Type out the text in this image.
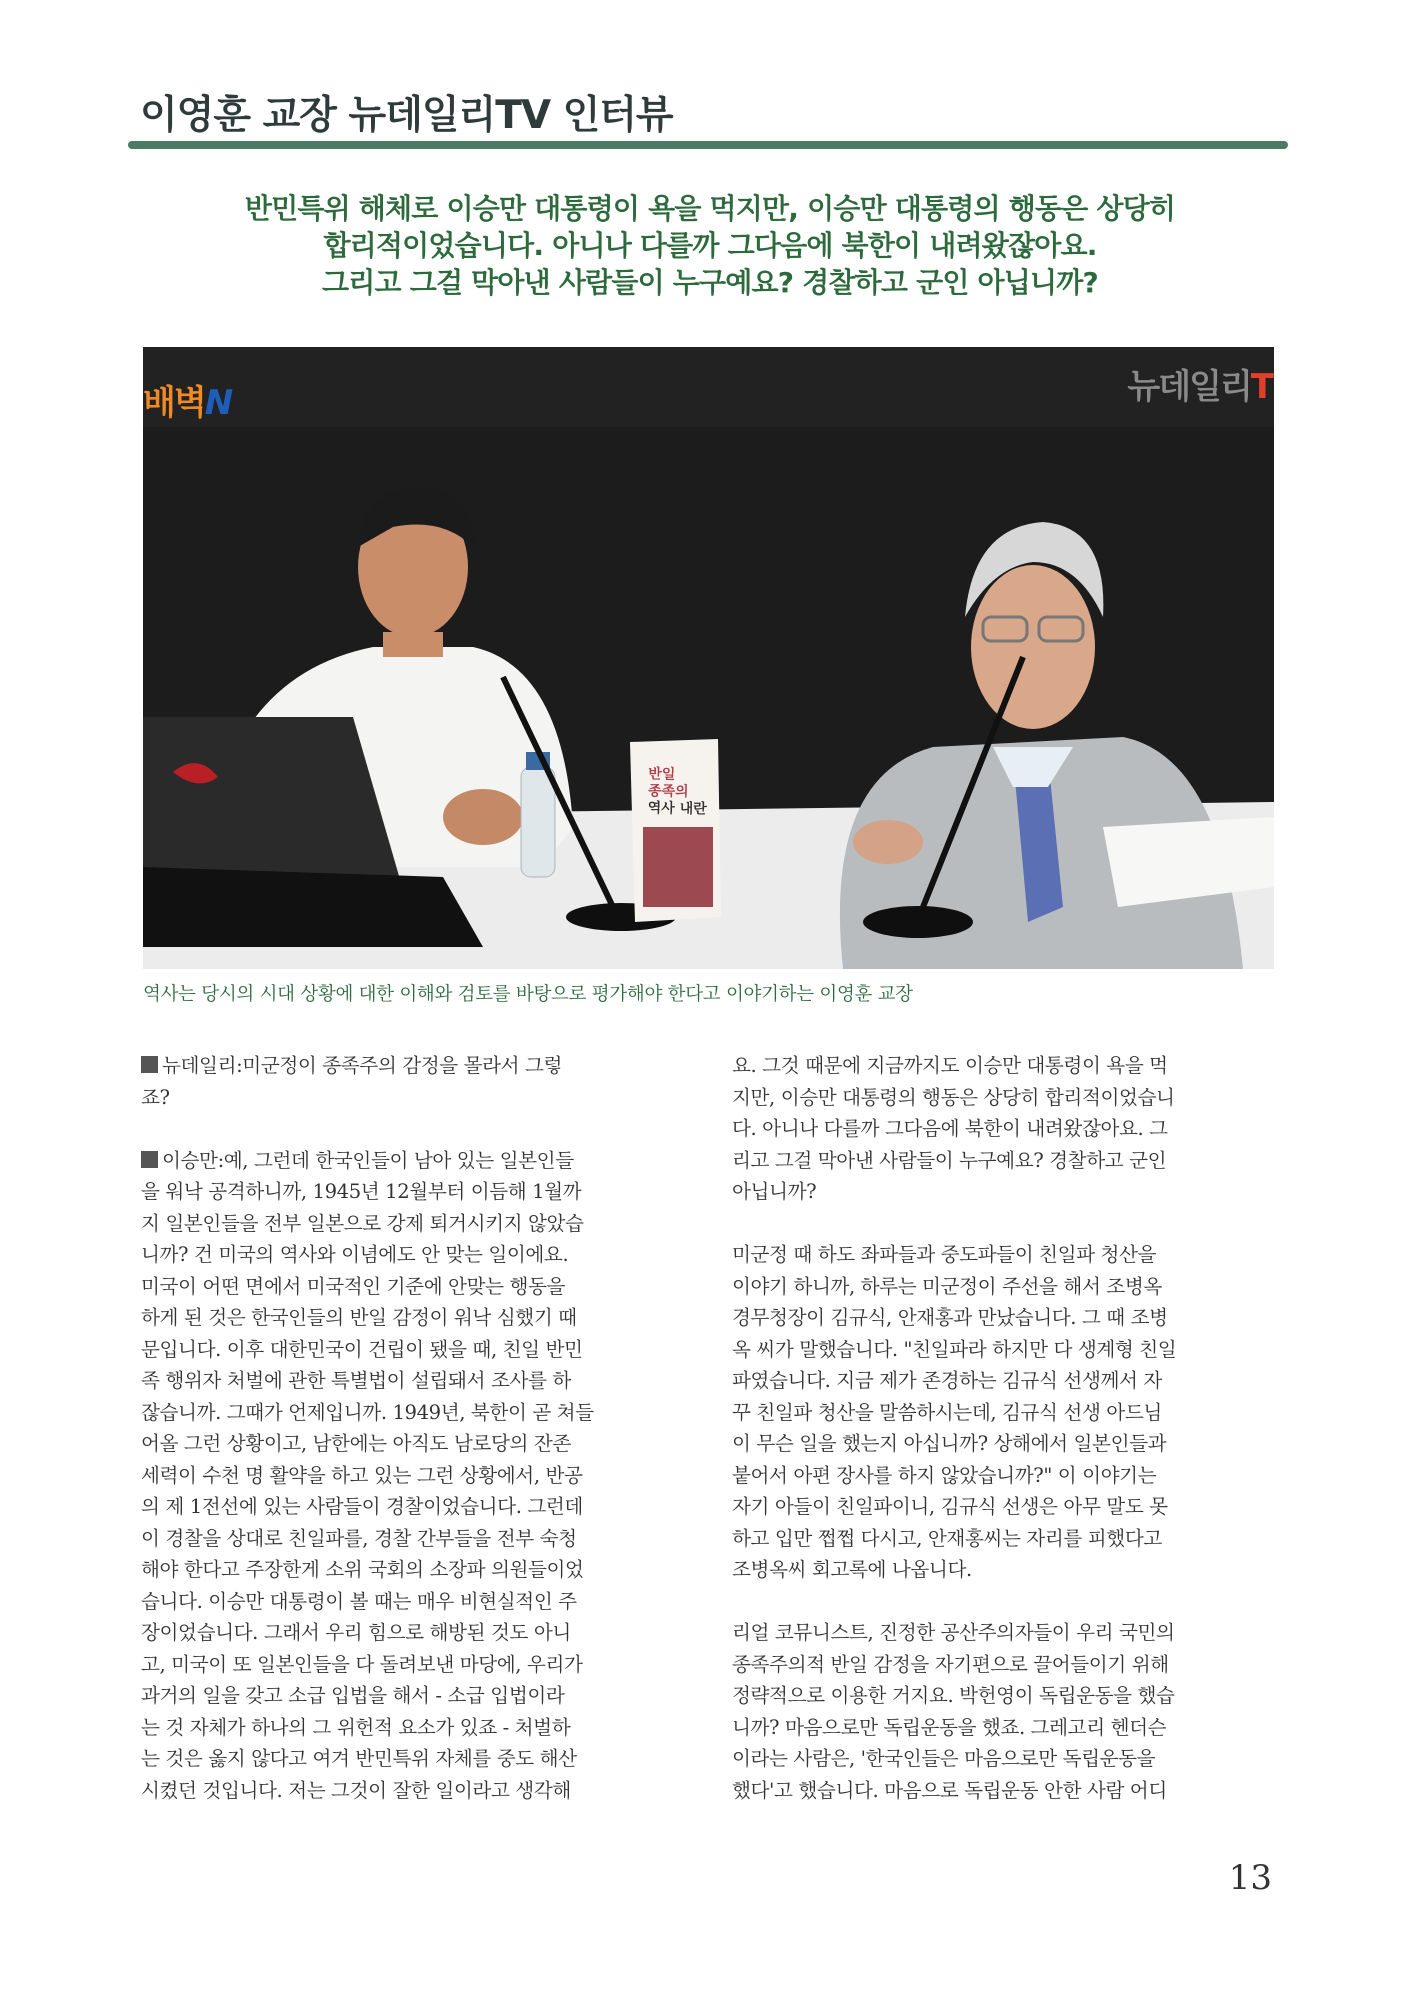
이영훈 교장 뉴데일리TV 인터뷰
반민특위 해체로 이승만 대통령이 욕을 먹지만, 이승만 대통령의 행동은 상당히
합리적이었습니다. 아니나 다를까 그다음에 북한이 내려왔잖아요.
그리고 그걸 막아낸 사람들이 누구예요? 경찰하고 군인 아닙니까?
배벽N	뉴데일리T
반일
종족의
역사 내란
역사는 당시의 시대 상황에 대한 이해와 검토를 바탕으로 평가해야 한다고 이야기하는 이영훈 교장
뉴데일리:미군정이 종족주의 감정을 몰라서 그렇
죠?
이승만:예, 그런데 한국인들이 남아 있는 일본인들
을 워낙 공격하니까, 1945년 12월부터 이듬해 1월까
지 일본인들을 전부 일본으로 강제 퇴거시키지 않았습
니까? 건 미국의 역사와 이념에도 안 맞는 일이에요.
미국이 어떤 면에서 미국적인 기준에 안맞는 행동을
하게 된 것은 한국인들의 반일 감정이 워낙 심했기 때
문입니다. 이후 대한민국이 건립이 됐을 때, 친일 반민
족 행위자 처벌에 관한 특별법이 설립돼서 조사를 하
잖습니까. 그때가 언제입니까. 1949년, 북한이 곧 쳐들
어올 그런 상황이고, 남한에는 아직도 남로당의 잔존
세력이 수천 명 활약을 하고 있는 그런 상황에서, 반공
의 제 1전선에 있는 사람들이 경찰이었습니다. 그런데
이 경찰을 상대로 친일파를, 경찰 간부들을 전부 숙청
해야 한다고 주장한게 소위 국회의 소장파 의원들이었
습니다. 이승만 대통령이 볼 때는 매우 비현실적인 주
장이었습니다. 그래서 우리 힘으로 해방된 것도 아니
고, 미국이 또 일본인들을 다 돌려보낸 마당에, 우리가
과거의 일을 갖고 소급 입법을 해서 - 소급 입법이라
는 것 자체가 하나의 그 위헌적 요소가 있죠 - 처벌하
는 것은 옳지 않다고 여겨 반민특위 자체를 중도 해산
시켰던 것입니다. 저는 그것이 잘한 일이라고 생각해
요. 그것 때문에 지금까지도 이승만 대통령이 욕을 먹
지만, 이승만 대통령의 행동은 상당히 합리적이었습니
다. 아니나 다를까 그다음에 북한이 내려왔잖아요. 그
리고 그걸 막아낸 사람들이 누구예요? 경찰하고 군인
아닙니까?
미군정 때 하도 좌파들과 중도파들이 친일파 청산을
이야기 하니까, 하루는 미군정이 주선을 해서 조병옥
경무청장이 김규식, 안재홍과 만났습니다. 그 때 조병
옥 씨가 말했습니다. "친일파라 하지만 다 생계형 친일
파였습니다. 지금 제가 존경하는 김규식 선생께서 자
꾸 친일파 청산을 말씀하시는데, 김규식 선생 아드님
이 무슨 일을 했는지 아십니까? 상해에서 일본인들과
붙어서 아편 장사를 하지 않았습니까?" 이 이야기는
자기 아들이 친일파이니, 김규식 선생은 아무 말도 못
하고 입만 쩝쩝 다시고, 안재홍씨는 자리를 피했다고
조병옥씨 회고록에 나옵니다.
리얼 코뮤니스트, 진정한 공산주의자들이 우리 국민의
종족주의적 반일 감정을 자기편으로 끌어들이기 위해
정략적으로 이용한 거지요. 박헌영이 독립운동을 했습
니까? 마음으로만 독립운동을 했죠. 그레고리 헨더슨
이라는 사람은, '한국인들은 마음으로만 독립운동을
했다'고 했습니다. 마음으로 독립운동 안한 사람 어디
13
